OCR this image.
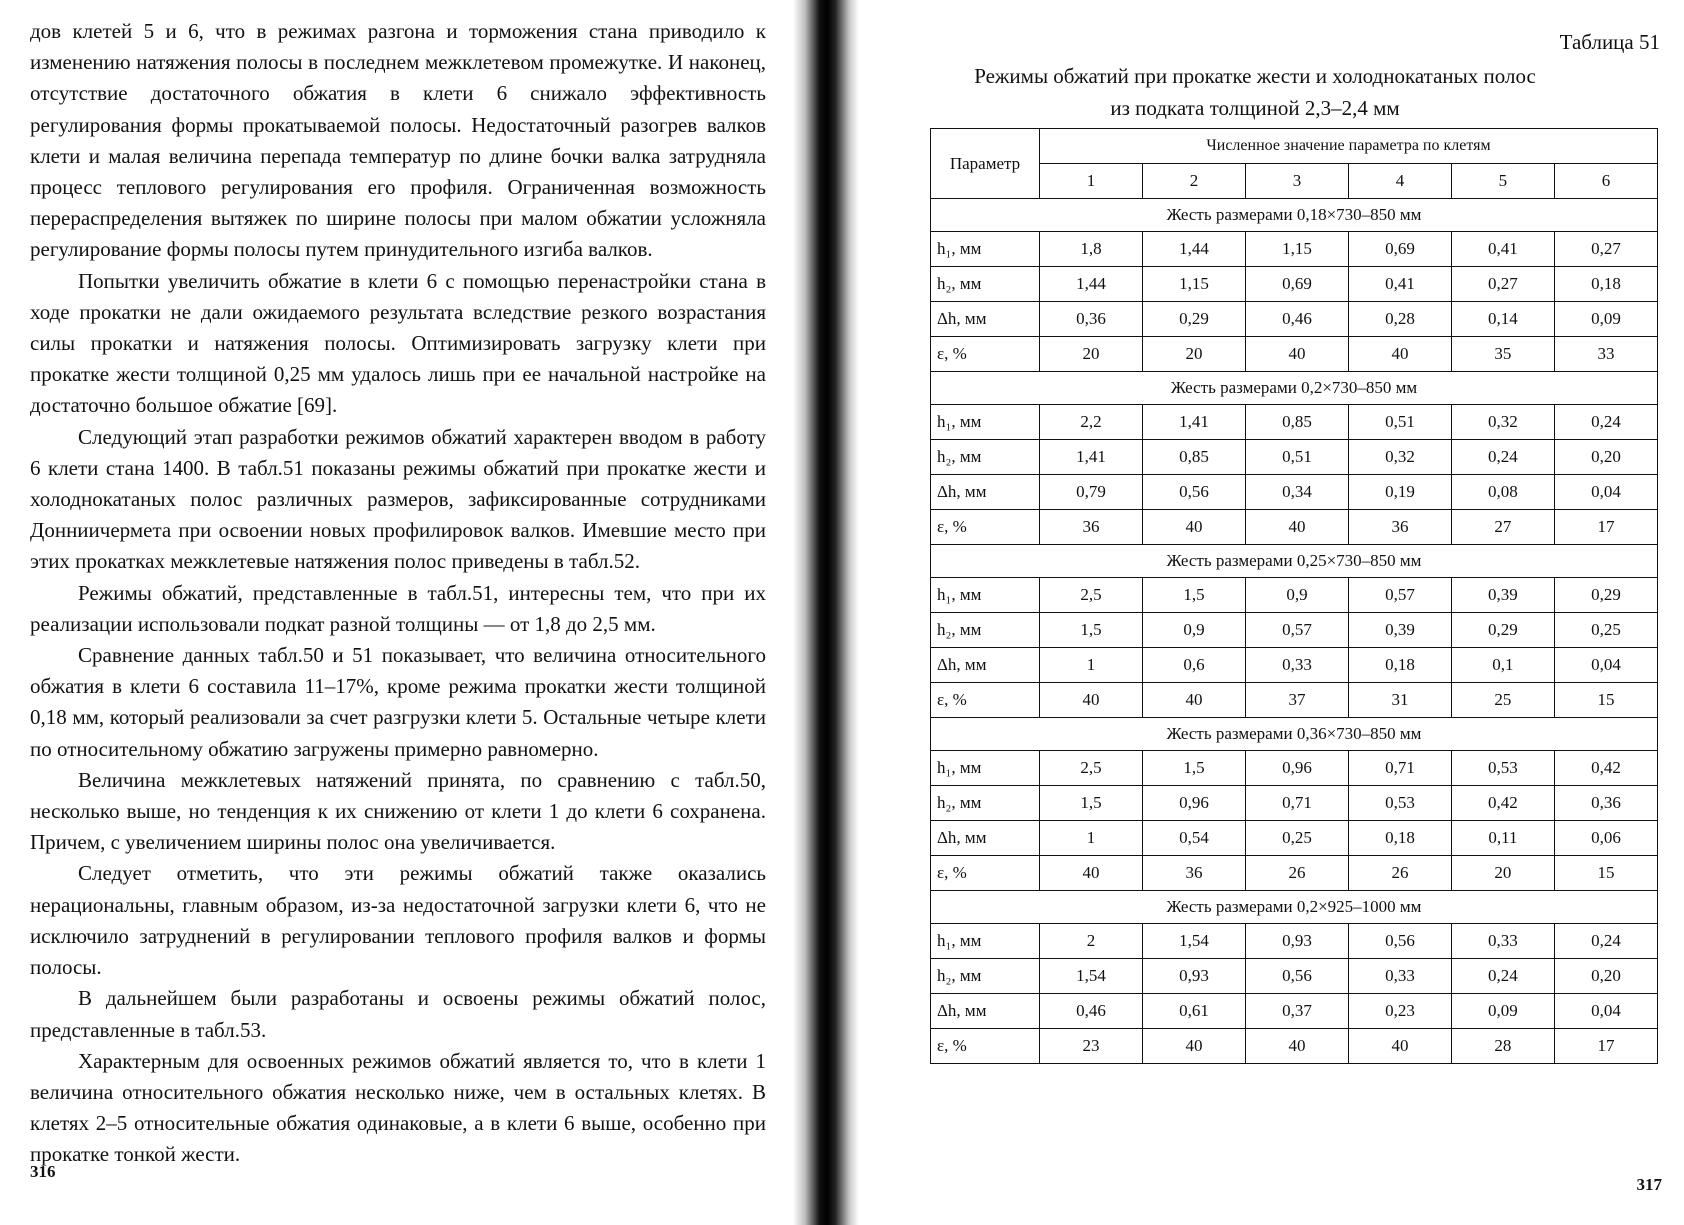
дов клетей 5 и 6, что в режимах разгона и торможения стана приводило к изменению натяжения полосы в последнем межклетевом промежутке. И наконец, отсутствие достаточного обжатия в клети 6 снижало эффективность регулирования формы прокатываемой полосы. Недостаточный разогрев валков клети и малая величина перепада температур по длине бочки валка затрудняла процесс теплового регулирования его профиля. Ограниченная возможность перераспределения вытяжек по ширине полосы при малом обжатии усложняла регулирование формы полосы путем принудительного изгиба валков.

Попытки увеличить обжатие в клети 6 с помощью перенастройки стана в ходе прокатки не дали ожидаемого результата вследствие резкого возрастания силы прокатки и натяжения полосы. Оптимизировать загрузку клети при прокатке жести толщиной 0,25 мм удалось лишь при ее начальной настройке на достаточно большое обжатие [69].

Следующий этап разработки режимов обжатий характерен вводом в работу 6 клети стана 1400. В табл.51 показаны режимы обжатий при прокатке жести и холоднокатаных полос различных размеров, зафиксированные сотрудниками Донниичермета при освоении новых профилировок валков. Имевшие место при этих прокатках межклетевые натяжения полос приведены в табл.52.

Режимы обжатий, представленные в табл.51, интересны тем, что при их реализации использовали подкат разной толщины — от 1,8 до 2,5 мм.

Сравнение данных табл.50 и 51 показывает, что величина относительного обжатия в клети 6 составила 11–17%, кроме режима прокатки жести толщиной 0,18 мм, который реализовали за счет разгрузки клети 5. Остальные четыре клети по относительному обжатию загружены примерно равномерно.

Величина межклетевых натяжений принята, по сравнению с табл.50, несколько выше, но тенденция к их снижению от клети 1 до клети 6 сохранена. Причем, с увеличением ширины полос она увеличивается.

Следует отметить, что эти режимы обжатий также оказались нерациональны, главным образом, из-за недостаточной загрузки клети 6, что не исключило затруднений в регулировании теплового профиля валков и формы полосы.

В дальнейшем были разработаны и освоены режимы обжатий полос, представленные в табл.53.

Характерным для освоенных режимов обжатий является то, что в клети 1 величина относительного обжатия несколько ниже, чем в остальных клетях. В клетях 2–5 относительные обжатия одинаковые, а в клети 6 выше, особенно при прокатке тонкой жести.

316
Таблица 51
Режимы обжатий при прокатке жести и холоднокатаных полос
из подката толщиной 2,3–2,4 мм
Параметр	Численное значение параметра по клетям					
	1	2	3	4	5	6
Жесть размерами 0,18×730–850 мм						
h₁, мм	1,8	1,44	1,15	0,69	0,41	0,27
h₂, мм	1,44	1,15	0,69	0,41	0,27	0,18
Δh, мм	0,36	0,29	0,46	0,28	0,14	0,09
ε, %	20	20	40	40	35	33
Жесть размерами 0,2×730–850 мм						
h₁, мм	2,2	1,41	0,85	0,51	0,32	0,24
h₂, мм	1,41	0,85	0,51	0,32	0,24	0,20
Δh, мм	0,79	0,56	0,34	0,19	0,08	0,04
ε, %	36	40	40	36	27	17
Жесть размерами 0,25×730–850 мм						
h₁, мм	2,5	1,5	0,9	0,57	0,39	0,29
h₂, мм	1,5	0,9	0,57	0,39	0,29	0,25
Δh, мм	1	0,6	0,33	0,18	0,1	0,04
ε, %	40	40	37	31	25	15
Жесть размерами 0,36×730–850 мм						
h₁, мм	2,5	1,5	0,96	0,71	0,53	0,42
h₂, мм	1,5	0,96	0,71	0,53	0,42	0,36
Δh, мм	1	0,54	0,25	0,18	0,11	0,06
ε, %	40	36	26	26	20	15
Жесть размерами 0,2×925–1000 мм						
h₁, мм	2	1,54	0,93	0,56	0,33	0,24
h₂, мм	1,54	0,93	0,56	0,33	0,24	0,20
Δh, мм	0,46	0,61	0,37	0,23	0,09	0,04
ε, %	23	40	40	40	28	17
317
